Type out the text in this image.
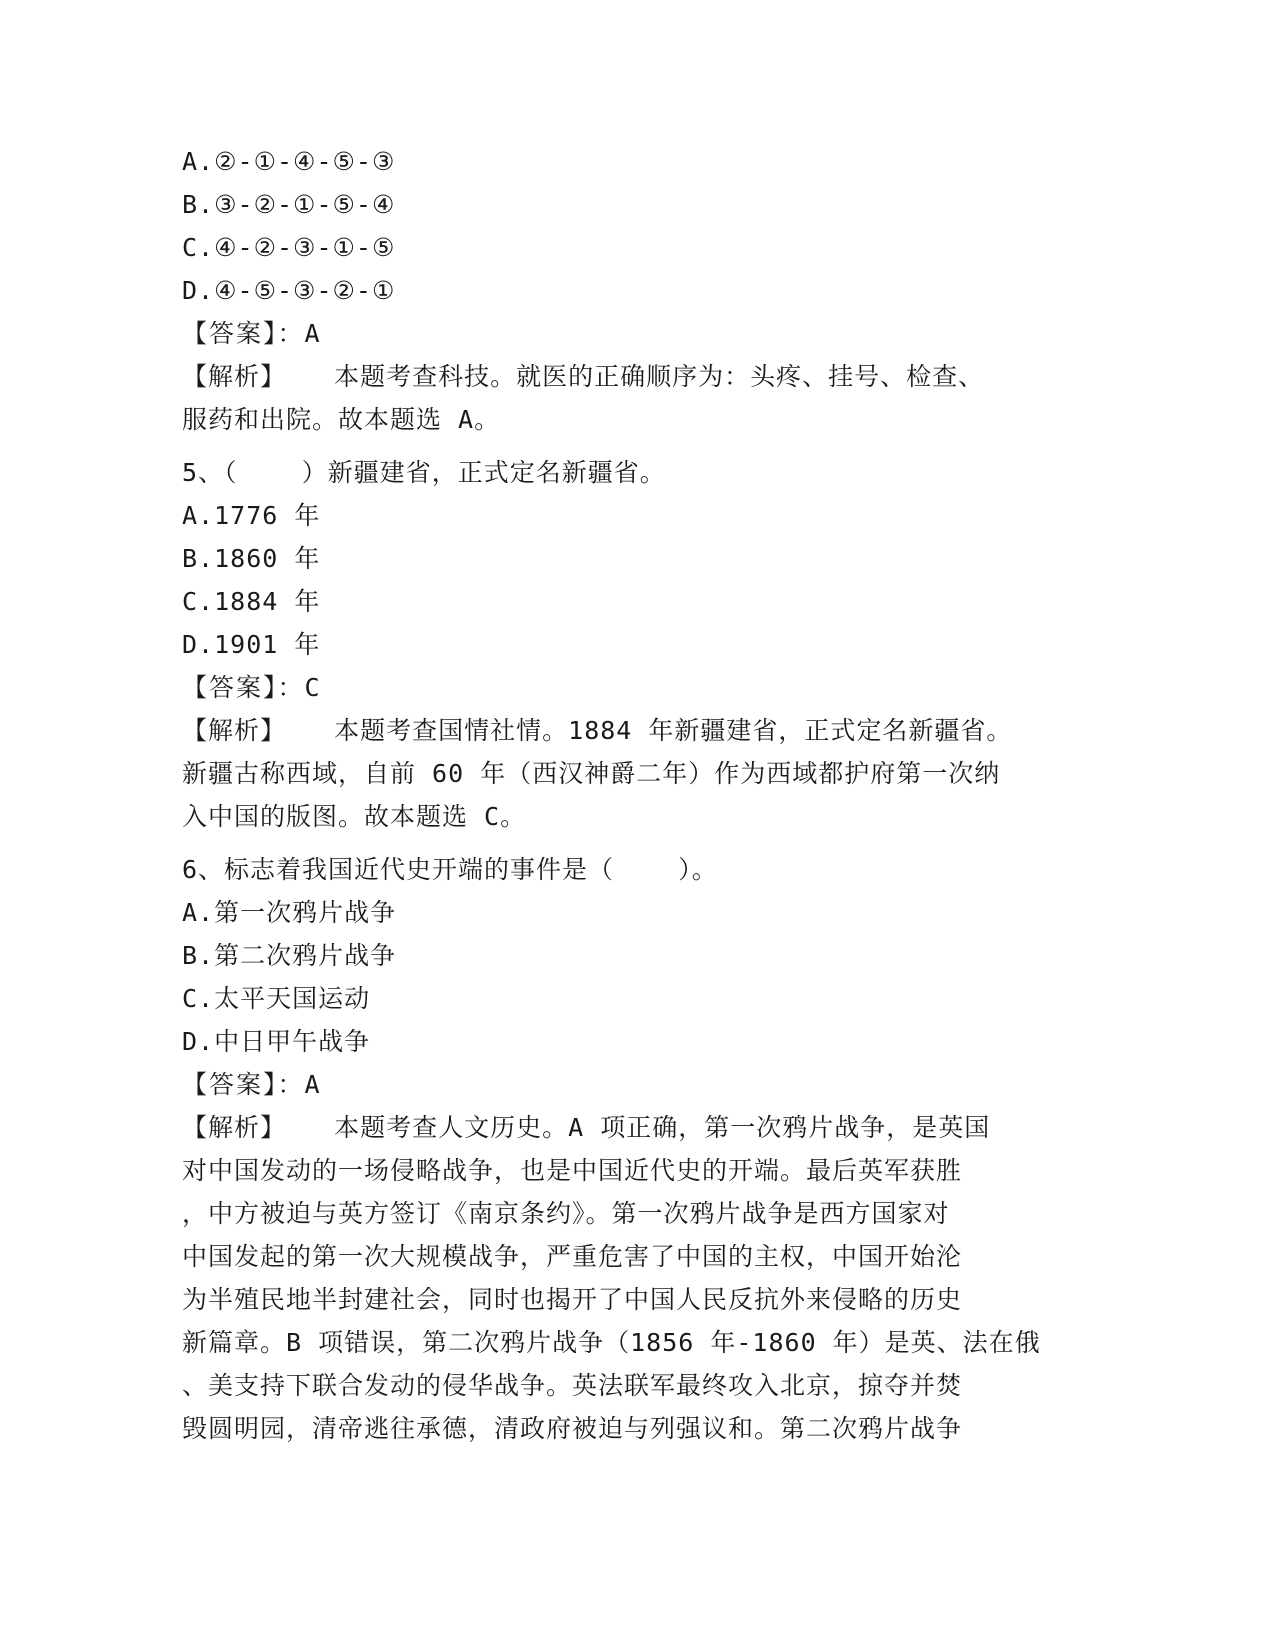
A.②-①-④-⑤-③
B.③-②-①-⑤-④
C.④-②-③-①-⑤
D.④-⑤-③-②-①
【答案】：A
【解析】   本题考查科技。就医的正确顺序为：头疼、挂号、检查、
服药和出院。故本题选 A。
5、（    ）新疆建省，正式定名新疆省。
A.1776 年
B.1860 年
C.1884 年
D.1901 年
【答案】：C
【解析】   本题考查国情社情。1884 年新疆建省，正式定名新疆省。
新疆古称西域，自前 60 年（西汉神爵二年）作为西域都护府第一次纳
入中国的版图。故本题选 C。
6、标志着我国近代史开端的事件是（    ）。
A.第一次鸦片战争
B.第二次鸦片战争
C.太平天国运动
D.中日甲午战争
【答案】：A
【解析】   本题考查人文历史。A 项正确，第一次鸦片战争，是英国
对中国发动的一场侵略战争，也是中国近代史的开端。最后英军获胜
，中方被迫与英方签订《南京条约》。第一次鸦片战争是西方国家对
中国发起的第一次大规模战争，严重危害了中国的主权，中国开始沦
为半殖民地半封建社会，同时也揭开了中国人民反抗外来侵略的历史
新篇章。B 项错误，第二次鸦片战争（1856 年-1860 年）是英、法在俄
、美支持下联合发动的侵华战争。英法联军最终攻入北京，掠夺并焚
毁圆明园，清帝逃往承德，清政府被迫与列强议和。第二次鸦片战争
